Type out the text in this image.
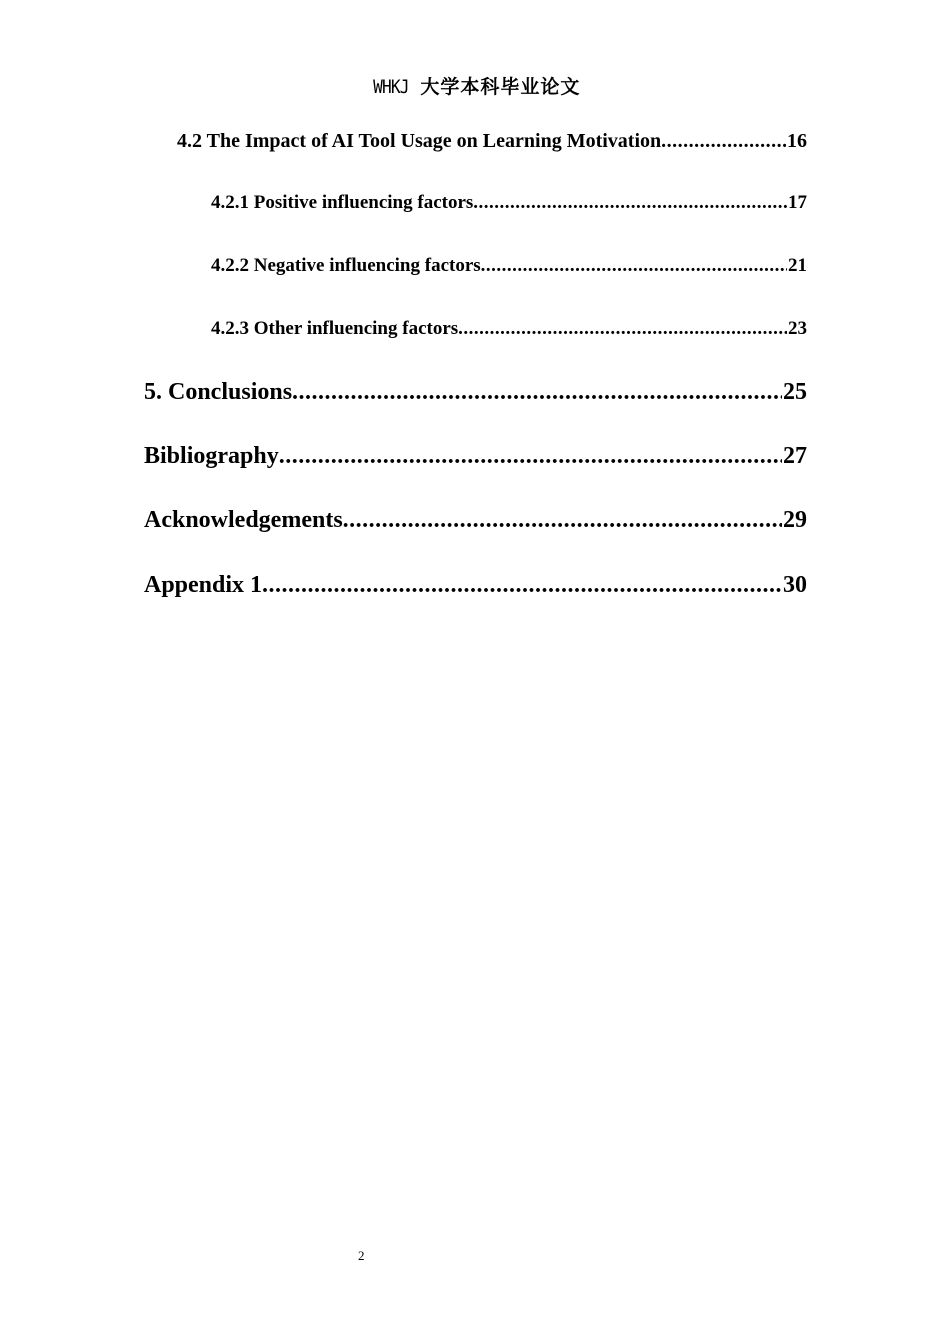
WHKJ 大学本科毕业论文
4.2 The Impact of AI Tool Usage on Learning Motivation .....	16
4.2.1 Positive influencing factors .....	17
4.2.2 Negative influencing factors .....	21
4.2.3 Other influencing factors .....	23
5. Conclusions .....	25
Bibliography .....	27
Acknowledgements .....	29
Appendix 1 .....	30
2
